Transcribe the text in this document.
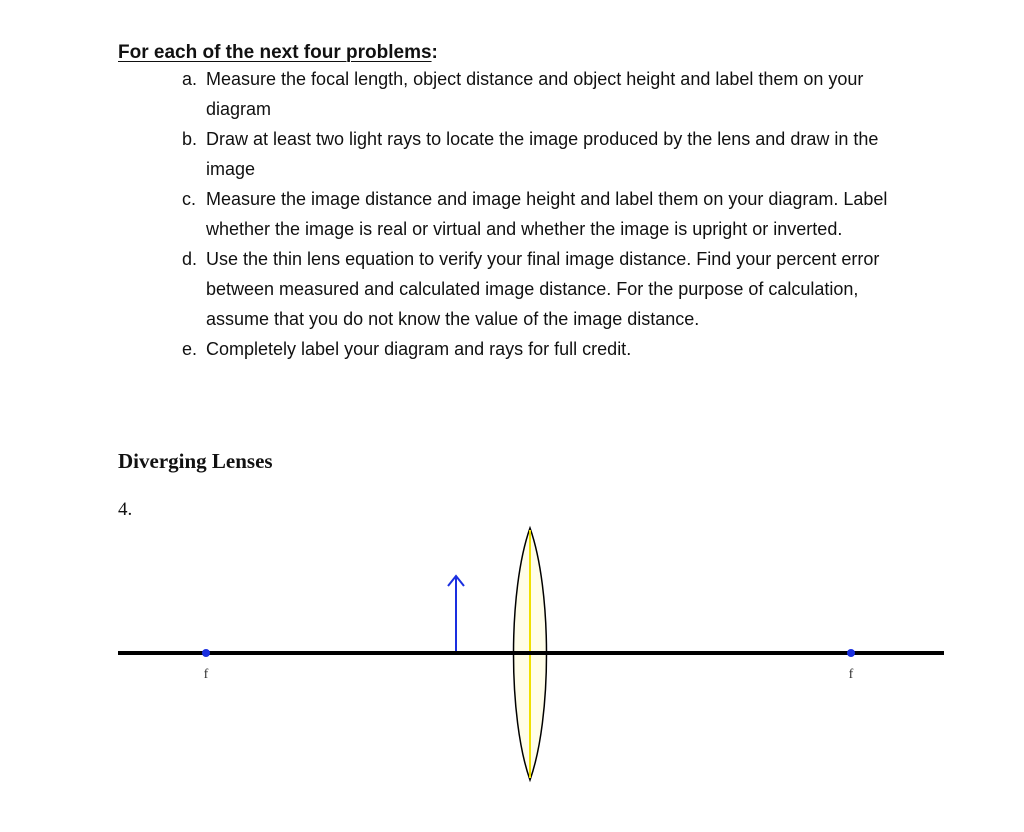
For each of the next four problems:
a. Measure the focal length, object distance and object height and label them on your diagram
b. Draw at least two light rays to locate the image produced by the lens and draw in the image
c. Measure the image distance and image height and label them on your diagram. Label whether the image is real or virtual and whether the image is upright or inverted.
d. Use the thin lens equation to verify your final image distance. Find your percent error between measured and calculated image distance. For the purpose of calculation, assume that you do not know the value of the image distance.
e. Completely label your diagram and rays for full credit.
Diverging Lenses
4.
f	f
